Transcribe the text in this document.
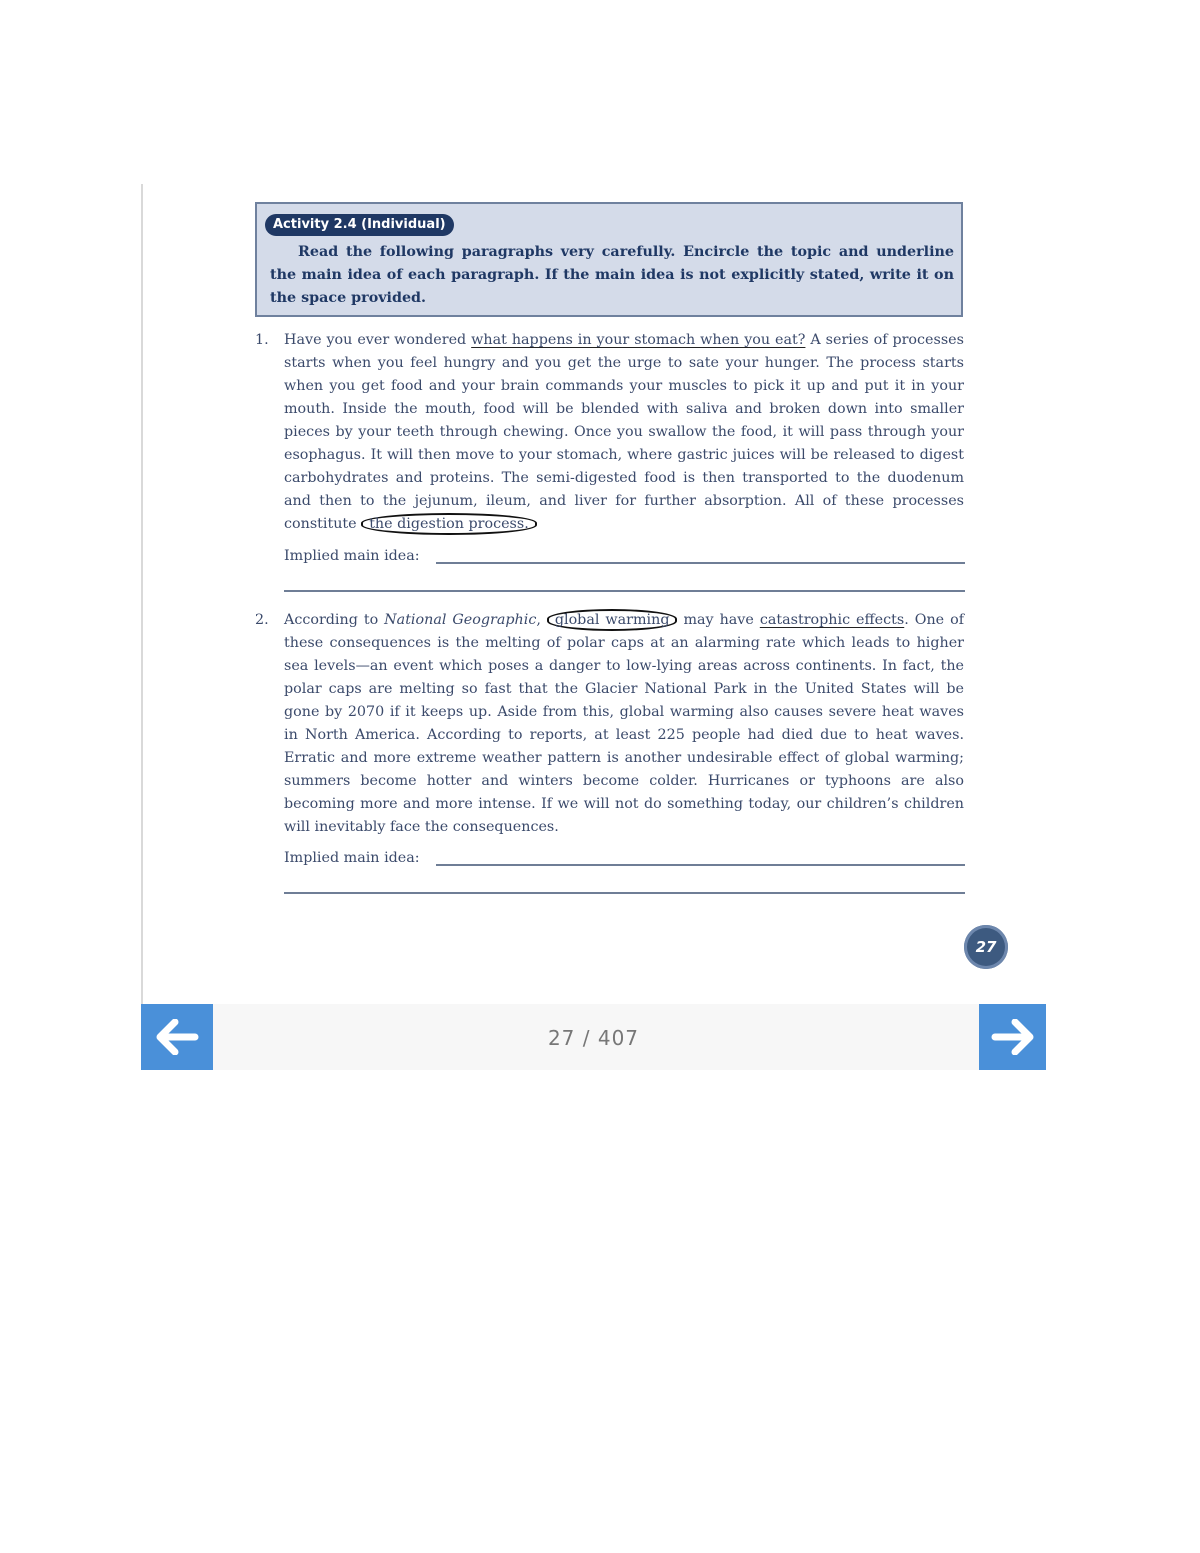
Activity 2.4 (Individual)

Read the following paragraphs very carefully. Encircle the topic and underline the main idea of each paragraph. If the main idea is not explicitly stated, write it on the space provided.

1. Have you ever wondered what happens in your stomach when you eat? A series of processes starts when you feel hungry and you get the urge to sate your hunger. The process starts when you get food and your brain commands your muscles to pick it up and put it in your mouth. Inside the mouth, food will be blended with saliva and broken down into smaller pieces by your teeth through chewing. Once you swallow the food, it will pass through your esophagus. It will then move to your stomach, where gastric juices will be released to digest carbohydrates and proteins. The semi-digested food is then transported to the duodenum and then to the jejunum, ileum, and liver for further absorption. All of these processes constitute the digestion process.

Implied main idea:
2. According to National Geographic, global warming may have catastrophic effects. One of these consequences is the melting of polar caps at an alarming rate which leads to higher sea levels—an event which poses a danger to low-lying areas across continents. In fact, the polar caps are melting so fast that the Glacier National Park in the United States will be gone by 2070 if it keeps up. Aside from this, global warming also causes severe heat waves in North America. According to reports, at least 225 people had died due to heat waves. Erratic and more extreme weather pattern is another undesirable effect of global warming; summers become hotter and winters become colder. Hurricanes or typhoons are also becoming more and more intense. If we will not do something today, our children’s children will inevitably face the consequences.

Implied main idea:
27
27 / 407
